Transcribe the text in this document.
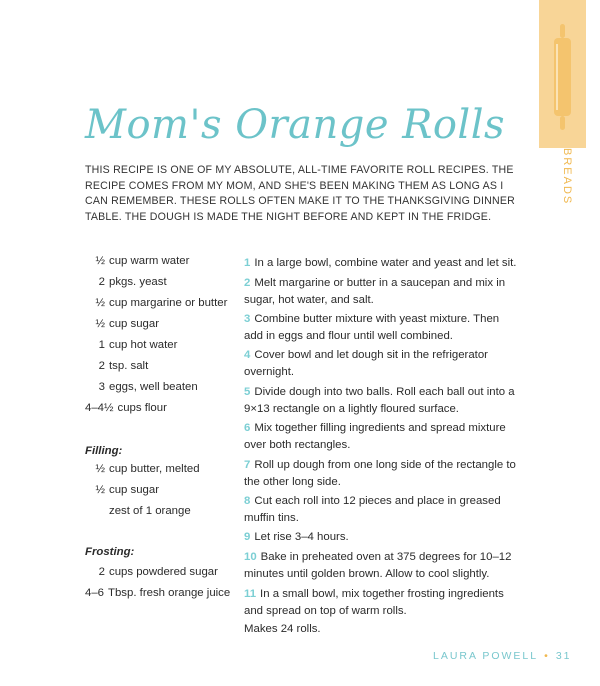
BREADS
Mom's Orange Rolls
THIS RECIPE IS ONE OF MY ABSOLUTE, ALL-TIME FAVORITE ROLL RECIPES. THE RECIPE COMES FROM MY MOM, AND SHE'S BEEN MAKING THEM AS LONG AS I CAN REMEMBER. THESE ROLLS OFTEN MAKE IT TO THE THANKSGIVING DINNER TABLE. THE DOUGH IS MADE THE NIGHT BEFORE AND KEPT IN THE FRIDGE.
½ cup warm water
2 pkgs. yeast
½ cup margarine or butter
½ cup sugar
1 cup hot water
2 tsp. salt
3 eggs, well beaten
4–4½ cups flour
Filling:
½ cup butter, melted
½ cup sugar
zest of 1 orange
Frosting:
2 cups powdered sugar
4–6 Tbsp. fresh orange juice
1 In a large bowl, combine water and yeast and let sit.
2 Melt margarine or butter in a saucepan and mix in sugar, hot water, and salt.
3 Combine butter mixture with yeast mixture. Then add in eggs and flour until well combined.
4 Cover bowl and let dough sit in the refrigerator overnight.
5 Divide dough into two balls. Roll each ball out into a 9×13 rectangle on a lightly floured surface.
6 Mix together filling ingredients and spread mixture over both rectangles.
7 Roll up dough from one long side of the rectangle to the other long side.
8 Cut each roll into 12 pieces and place in greased muffin tins.
9 Let rise 3–4 hours.
10 Bake in preheated oven at 375 degrees for 10–12 minutes until golden brown. Allow to cool slightly.
11 In a small bowl, mix together frosting ingredients and spread on top of warm rolls.
Makes 24 rolls.
LAURA POWELL • 31
